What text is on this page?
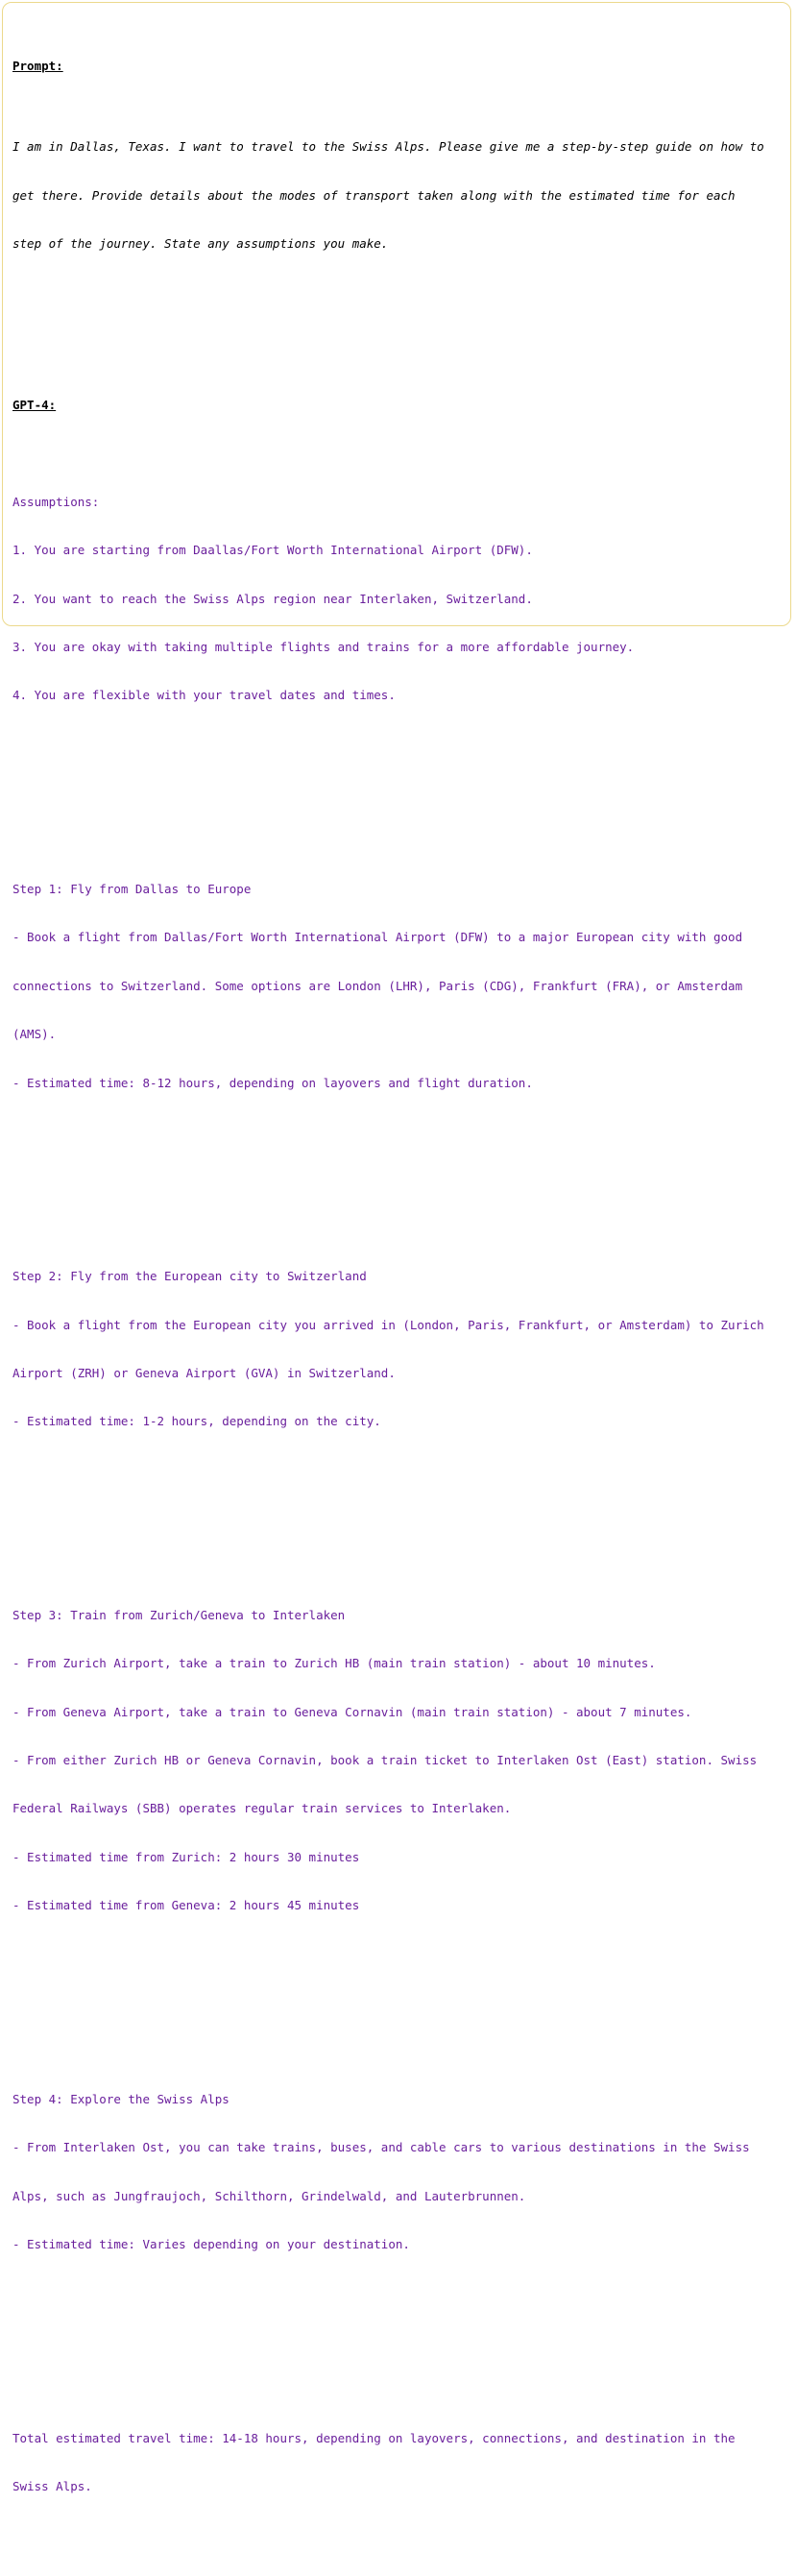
Prompt:

I am in Dallas, Texas. I want to travel to the Swiss Alps. Please give me a step-by-step guide on how to

get there. Provide details about the modes of transport taken along with the estimated time for each

step of the journey. State any assumptions you make.

GPT-4:

Assumptions:

1. You are starting from Daallas/Fort Worth International Airport (DFW).

2. You want to reach the Swiss Alps region near Interlaken, Switzerland.

3. You are okay with taking multiple flights and trains for a more affordable journey.

4. You are flexible with your travel dates and times.

Step 1: Fly from Dallas to Europe

- Book a flight from Dallas/Fort Worth International Airport (DFW) to a major European city with good

connections to Switzerland. Some options are London (LHR), Paris (CDG), Frankfurt (FRA), or Amsterdam

(AMS).

- Estimated time: 8-12 hours, depending on layovers and flight duration.

Step 2: Fly from the European city to Switzerland

- Book a flight from the European city you arrived in (London, Paris, Frankfurt, or Amsterdam) to Zurich

Airport (ZRH) or Geneva Airport (GVA) in Switzerland.

- Estimated time: 1-2 hours, depending on the city.

Step 3: Train from Zurich/Geneva to Interlaken

- From Zurich Airport, take a train to Zurich HB (main train station) - about 10 minutes.

- From Geneva Airport, take a train to Geneva Cornavin (main train station) - about 7 minutes.

- From either Zurich HB or Geneva Cornavin, book a train ticket to Interlaken Ost (East) station. Swiss

Federal Railways (SBB) operates regular train services to Interlaken.

- Estimated time from Zurich: 2 hours 30 minutes

- Estimated time from Geneva: 2 hours 45 minutes

Step 4: Explore the Swiss Alps

- From Interlaken Ost, you can take trains, buses, and cable cars to various destinations in the Swiss

Alps, such as Jungfraujoch, Schilthorn, Grindelwald, and Lauterbrunnen.

- Estimated time: Varies depending on your destination.

Total estimated travel time: 14-18 hours, depending on layovers, connections, and destination in the

Swiss Alps.
